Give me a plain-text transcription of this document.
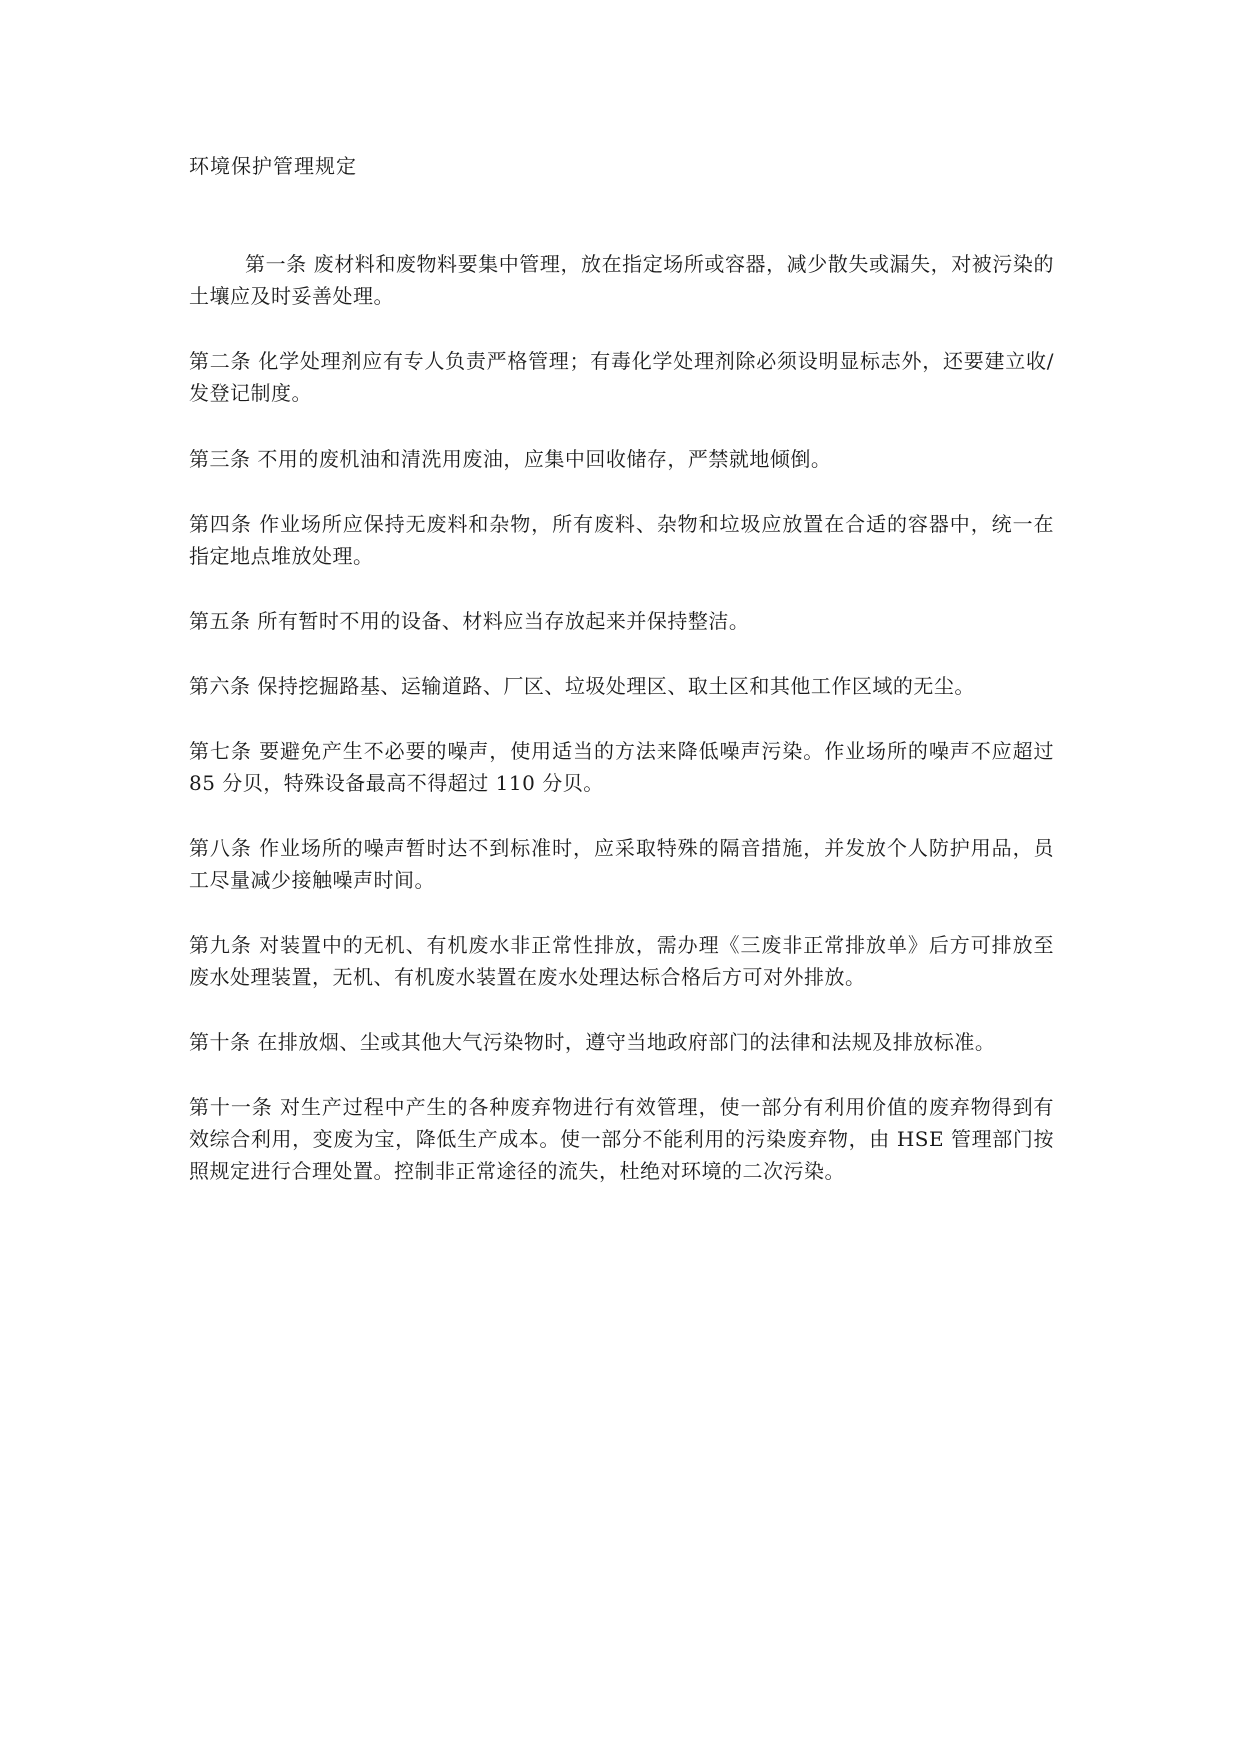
环境保护管理规定

第一条 废材料和废物料要集中管理，放在指定场所或容器，减少散失或漏失，对被污染的土壤应及时妥善处理。

第二条 化学处理剂应有专人负责严格管理；有毒化学处理剂除必须设明显标志外，还要建立收/发登记制度。

第三条 不用的废机油和清洗用废油，应集中回收储存，严禁就地倾倒。

第四条 作业场所应保持无废料和杂物，所有废料、杂物和垃圾应放置在合适的容器中，统一在指定地点堆放处理。

第五条 所有暂时不用的设备、材料应当存放起来并保持整洁。

第六条 保持挖掘路基、运输道路、厂区、垃圾处理区、取土区和其他工作区域的无尘。

第七条 要避免产生不必要的噪声，使用适当的方法来降低噪声污染。作业场所的噪声不应超过 85 分贝，特殊设备最高不得超过 110 分贝。

第八条 作业场所的噪声暂时达不到标准时，应采取特殊的隔音措施，并发放个人防护用品，员工尽量减少接触噪声时间。

第九条 对装置中的无机、有机废水非正常性排放，需办理《三废非正常排放单》后方可排放至废水处理装置，无机、有机废水装置在废水处理达标合格后方可对外排放。

第十条 在排放烟、尘或其他大气污染物时，遵守当地政府部门的法律和法规及排放标准。

第十一条 对生产过程中产生的各种废弃物进行有效管理，使一部分有利用价值的废弃物得到有效综合利用，变废为宝，降低生产成本。使一部分不能利用的污染废弃物，由 HSE 管理部门按照规定进行合理处置。控制非正常途径的流失，杜绝对环境的二次污染。
